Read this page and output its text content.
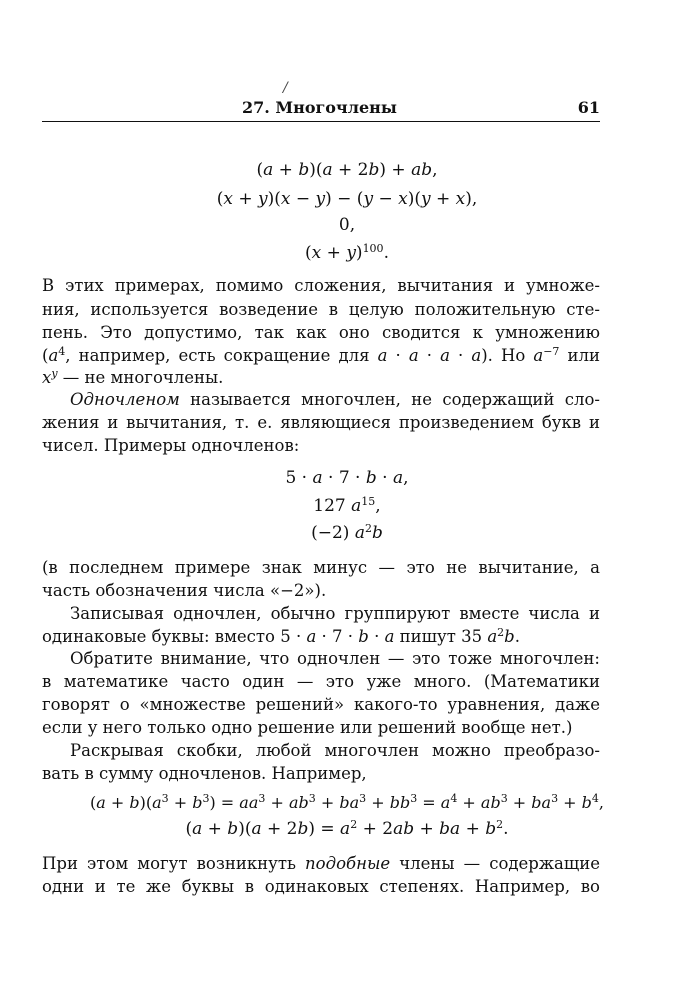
/
27. Многочлены	61
(a + b)(a + 2b) + ab,
(x + y)(x − y) − (y − x)(y + x),
0,
$(x + y)^{100}$.
В этих примерах, помимо сложения, вычитания и умноже-
ния, используется возведение в целую положительную сте-
пень. Это допустимо, так как оно сводится к умножению
($a^4$, например, есть сокращение для a · a · a · a). Но $a^{-7}$ или
$x^y$ — не многочлены.
Одночленом называется многочлен, не содержащий сло-
жения и вычитания, т. е. являющиеся произведением букв и
чисел. Примеры одночленов:
5 · a · 7 · b · a,
127 $a^{15}$,
(−2) $a^2b$
(в последнем примере знак минус — это не вычитание, а
часть обозначения числа «−2»).
Записывая одночлен, обычно группируют вместе числа и
одинаковые буквы: вместо 5 · a · 7 · b · a пишут 35 $a^2b$.
Обратите внимание, что одночлен — это тоже многочлен:
в математике часто один — это уже много. (Математики
говорят о «множестве решений» какого-то уравнения, даже
если у него только одно решение или решений вообще нет.)
Раскрывая скобки, любой многочлен можно преобразо-
вать в сумму одночленов. Например,
$(a + b)(a^3 + b^3) = aa^3 + ab^3 + ba^3 + bb^3 = a^4 + ab^3 + ba^3 + b^4$,
$(a + b)(a + 2b) = a^2 + 2ab$ + ba + $b^2$.
При этом могут возникнуть подобные члены — содержащие
одни и те же буквы в одинаковых степенях. Например, во
